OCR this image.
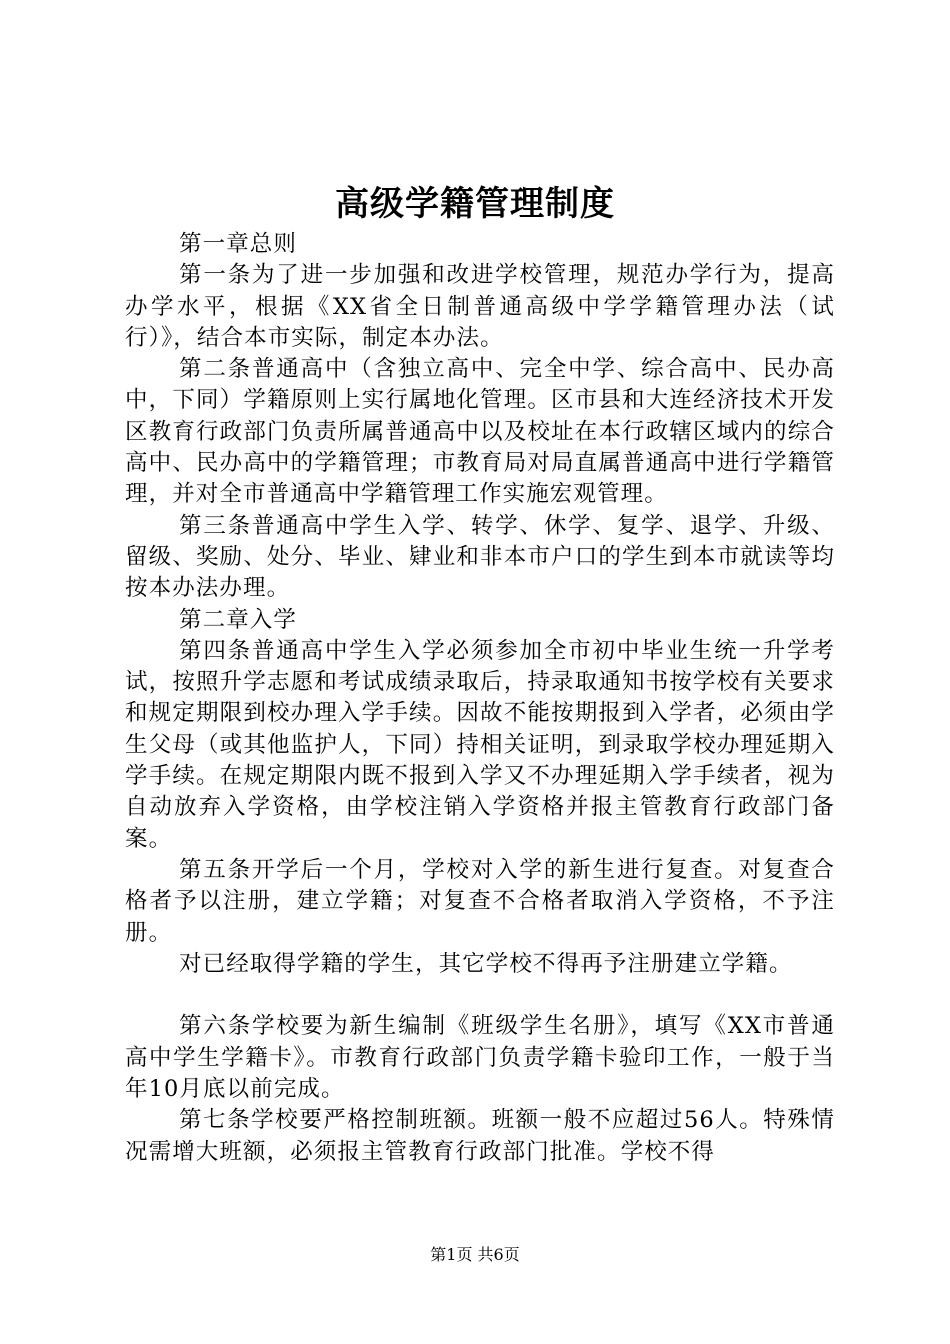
高级学籍管理制度

第一章总则

第一条为了进一步加强和改进学校管理，规范办学行为，提高办学水平，根据《XX省全日制普通高级中学学籍管理办法（试行）》，结合本市实际，制定本办法。

第二条普通高中（含独立高中、完全中学、综合高中、民办高中，下同）学籍原则上实行属地化管理。区市县和大连经济技术开发区教育行政部门负责所属普通高中以及校址在本行政辖区域内的综合高中、民办高中的学籍管理；市教育局对局直属普通高中进行学籍管理，并对全市普通高中学籍管理工作实施宏观管理。

第三条普通高中学生入学、转学、休学、复学、退学、升级、留级、奖励、处分、毕业、肄业和非本市户口的学生到本市就读等均按本办法办理。

第二章入学

第四条普通高中学生入学必须参加全市初中毕业生统一升学考试，按照升学志愿和考试成绩录取后，持录取通知书按学校有关要求和规定期限到校办理入学手续。因故不能按期报到入学者，必须由学生父母（或其他监护人，下同）持相关证明，到录取学校办理延期入学手续。在规定期限内既不报到入学又不办理延期入学手续者，视为自动放弃入学资格，由学校注销入学资格并报主管教育行政部门备案。

第五条开学后一个月，学校对入学的新生进行复查。对复查合格者予以注册，建立学籍；对复查不合格者取消入学资格，不予注册。

对已经取得学籍的学生，其它学校不得再予注册建立学籍。

第六条学校要为新生编制《班级学生名册》，填写《XX市普通高中学生学籍卡》。市教育行政部门负责学籍卡验印工作，一般于当年10月底以前完成。

第七条学校要严格控制班额。班额一般不应超过56人。特殊情况需增大班额，必须报主管教育行政部门批准。学校不得

第1页 共6页
